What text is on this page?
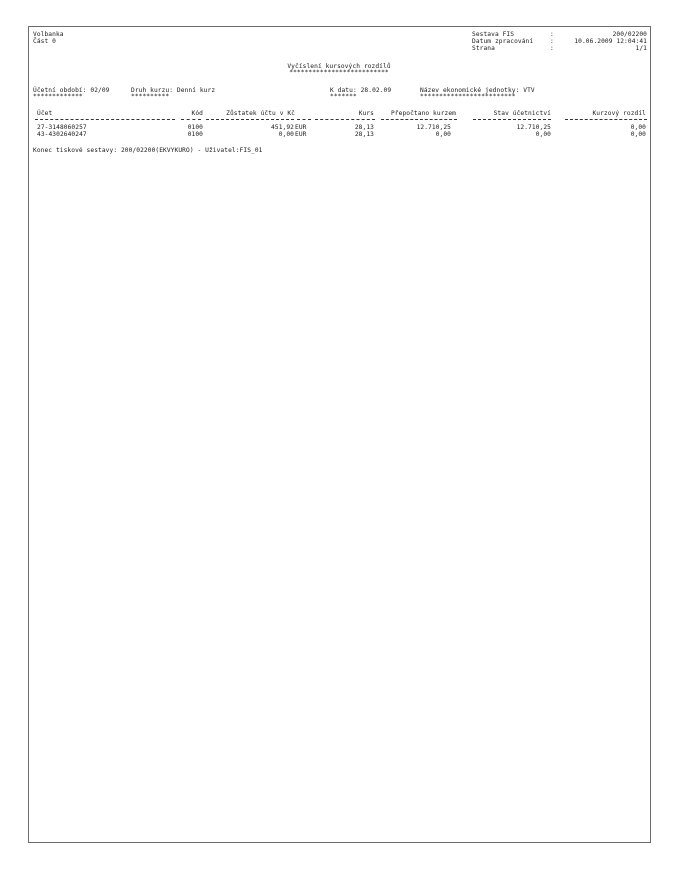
Volbanka
Část 0
Sestava FIS
Datum zpracování
Strana
:
:
:
200/02200
10.06.2009 12:04:41
1/1
Vyčíslení kursových rozdílů
**************************
Účetní období: 02/09
*************
Druh kurzu: Denní kurz
**********
K datu: 28.02.09
*******
Název ekonomické jednotky: VTV
*************************
Účet	Kód	Zůstatek účtu v Kč	Kurs	Přepočtano kurzem	Stav účetnictví	Kurzový rozdíl
27-3148060257	0100	451,92 EUR	28,13	12.710,25	12.710,25	0,00
43-4302640247	0100	0,00 EUR	28,13	0,00	0,00	0,00
Konec tiskové sestavy: 200/02200(EKVYKURO) - Uživatel:FIS_01
